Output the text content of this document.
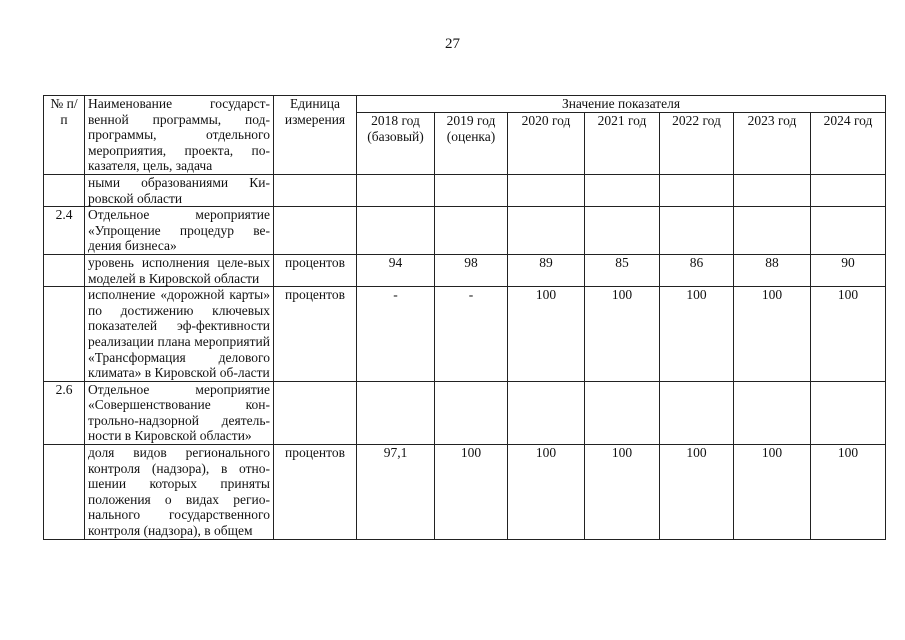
27
№ п/п	Наименование государст-венной программы, под-программы, отдельного мероприятия, проекта, по-казателя, цель, задача	Единица измерения	Значение показателя						
			2018 год (базовый)	2019 год (оценка)	2020 год	2021 год	2022 год	2023 год	2024 год
	ными образованиями Ки-ровской области								
2.4	Отдельное мероприятие «Упрощение процедур ве-дения бизнеса»								
	уровень исполнения целе-вых моделей в Кировской области	процентов	94	98	89	85	86	88	90
	исполнение «дорожной карты» по достижению ключевых показателей эф-фективности реализации плана мероприятий «Трансформация делового климата» в Кировской об-ласти	процентов	-	-	100	100	100	100	100
2.6	Отдельное мероприятие «Совершенствование кон-трольно-надзорной деятель-ности в Кировской области»								
	доля видов регионального контроля (надзора), в отно-шении которых приняты положения о видах регио-нального государственного контроля (надзора), в общем	процентов	97,1	100	100	100	100	100	100
